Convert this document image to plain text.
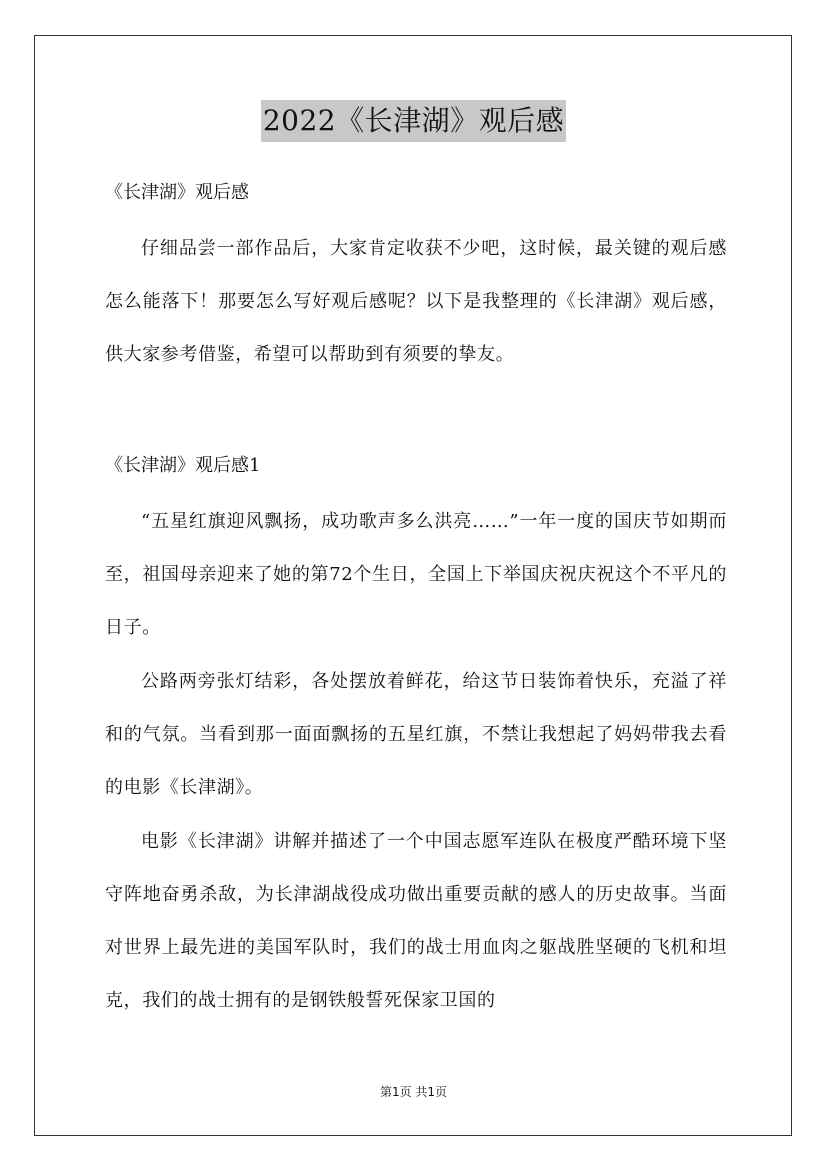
2022《长津湖》观后感
《长津湖》观后感
仔细品尝一部作品后，大家肯定收获不少吧，这时候，最关键的观后感怎么能落下！那要怎么写好观后感呢？以下是我整理的《长津湖》观后感，供大家参考借鉴，希望可以帮助到有须要的挚友。
《长津湖》观后感1
“五星红旗迎风飘扬，成功歌声多么洪亮……”一年一度的国庆节如期而至，祖国母亲迎来了她的第72个生日，全国上下举国庆祝庆祝这个不平凡的日子。
公路两旁张灯结彩，各处摆放着鲜花，给这节日装饰着快乐，充溢了祥和的气氛。当看到那一面面飘扬的五星红旗，不禁让我想起了妈妈带我去看的电影《长津湖》。
电影《长津湖》讲解并描述了一个中国志愿军连队在极度严酷环境下坚守阵地奋勇杀敌，为长津湖战役成功做出重要贡献的感人的历史故事。当面对世界上最先进的美国军队时，我们的战士用血肉之躯战胜坚硬的飞机和坦克，我们的战士拥有的是钢铁般誓死保家卫国的
第1页 共1页
